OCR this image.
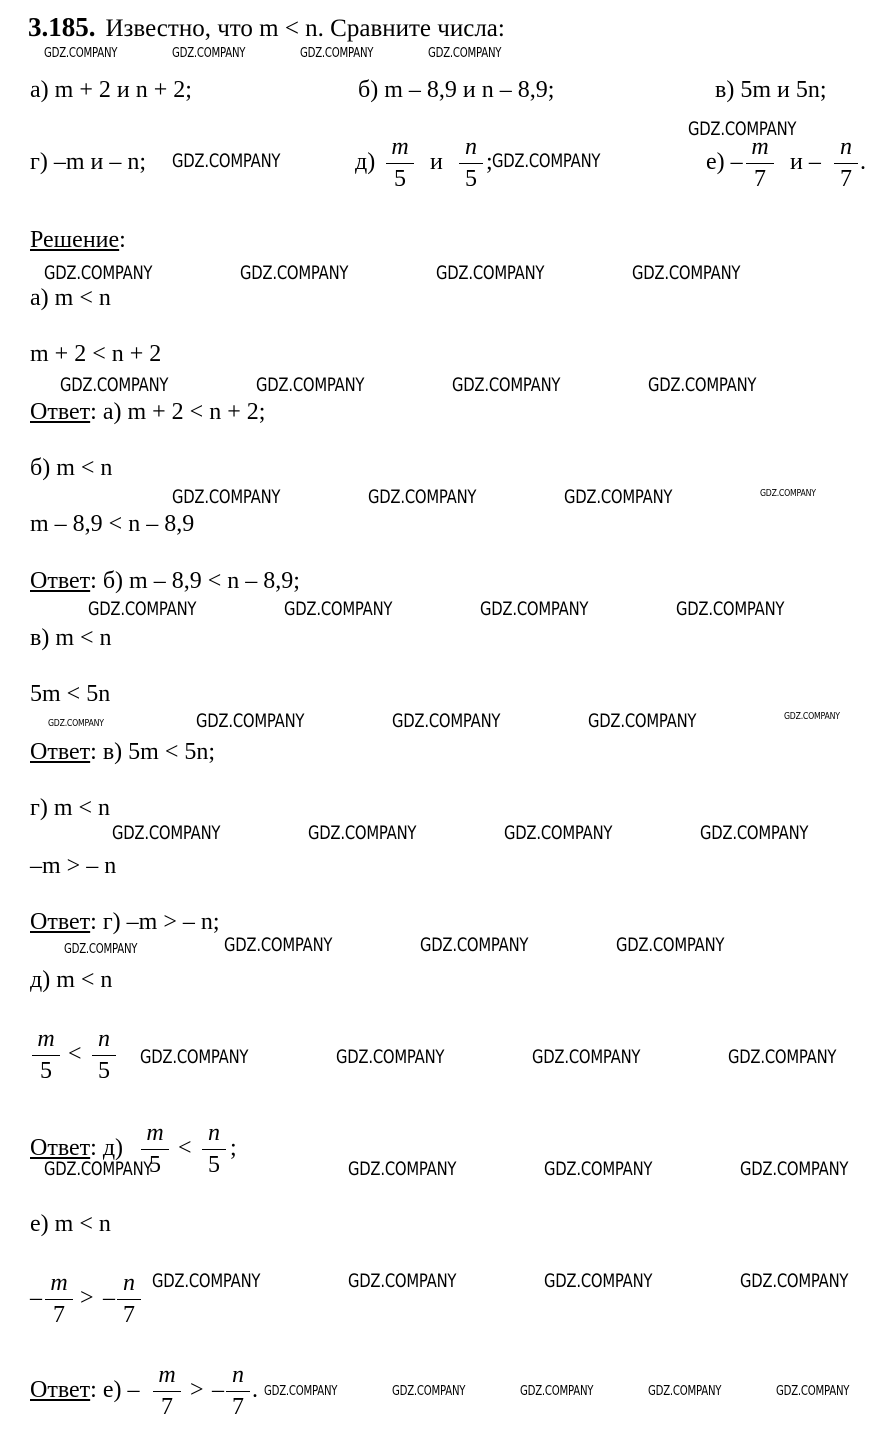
3.185. Известно, что m < n. Сравните числа:
а) m + 2 и n + 2;	б) m – 8,9 и n – 8,9;	в) 5m и 5n;
г) –m и – n;	д)
m
5
и
n
5
;	е) –
m
7
и –
n
7
.
Решение:
а) m < n
m + 2 < n + 2
Ответ: а) m + 2 < n + 2;
б) m < n
m – 8,9 < n – 8,9
Ответ: б) m – 8,9 < n – 8,9;
в) m < n
5m < 5n
Ответ: в) 5m < 5n;
г) m < n
–m > – n
Ответ: г) –m > – n;
д) m < n
m
5
<
n
5
Ответ: д)
m
5
<
n
5
;
е) m < n
–
m
7
> –
n
7
Ответ: е) –
m
7
> –
n
7
.
GDZ.COMPANY	GDZ.COMPANY	GDZ.COMPANY	GDZ.COMPANY
GDZ.COMPANY
GDZ.COMPANY	GDZ.COMPANY
GDZ.COMPANY	GDZ.COMPANY	GDZ.COMPANY	GDZ.COMPANY
GDZ.COMPANY	GDZ.COMPANY	GDZ.COMPANY	GDZ.COMPANY
GDZ.COMPANY	GDZ.COMPANY	GDZ.COMPANY	GDZ.COMPANY
GDZ.COMPANY	GDZ.COMPANY	GDZ.COMPANY	GDZ.COMPANY
GDZ.COMPANY	GDZ.COMPANY	GDZ.COMPANY	GDZ.COMPANY	GDZ.COMPANY
GDZ.COMPANY	GDZ.COMPANY	GDZ.COMPANY	GDZ.COMPANY
GDZ.COMPANY	GDZ.COMPANY	GDZ.COMPANY	GDZ.COMPANY
GDZ.COMPANY	GDZ.COMPANY	GDZ.COMPANY	GDZ.COMPANY
GDZ.COMPANY	GDZ.COMPANY	GDZ.COMPANY	GDZ.COMPANY
GDZ.COMPANY	GDZ.COMPANY	GDZ.COMPANY	GDZ.COMPANY
GDZ.COMPANY	GDZ.COMPANY	GDZ.COMPANY	GDZ.COMPANY	GDZ.COMPANY
